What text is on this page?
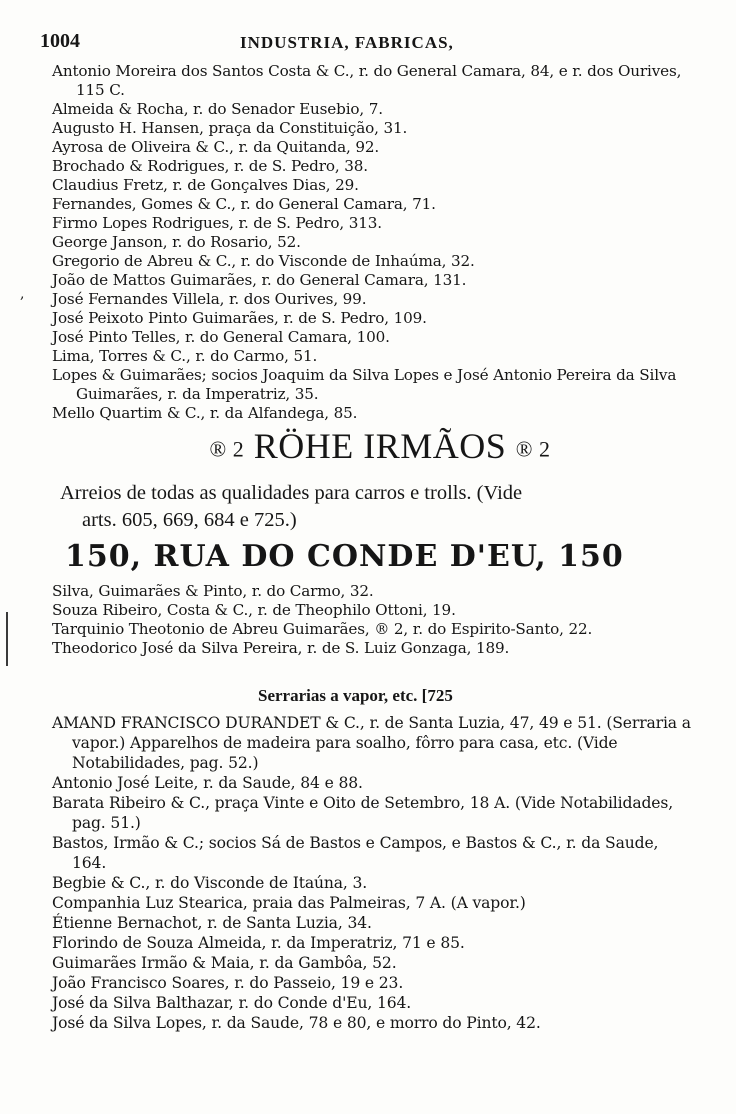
1004	INDUSTRIA, FABRICAS,
Antonio Moreira dos Santos Costa & C., r. do General Camara, 84, e r. dos Ourives, 115 C.
Almeida & Rocha, r. do Senador Eusebio, 7.
Augusto H. Hansen, praça da Constituição, 31.
Ayrosa de Oliveira & C., r. da Quitanda, 92.
Brochado & Rodrigues, r. de S. Pedro, 38.
Claudius Fretz, r. de Gonçalves Dias, 29.
Fernandes, Gomes & C., r. do General Camara, 71.
Firmo Lopes Rodrigues, r. de S. Pedro, 313.
George Janson, r. do Rosario, 52.
Gregorio de Abreu & C., r. do Visconde de Inhaúma, 32.
João de Mattos Guimarães, r. do General Camara, 131.
José Fernandes Villela, r. dos Ourives, 99.
José Peixoto Pinto Guimarães, r. de S. Pedro, 109.
José Pinto Telles, r. do General Camara, 100.
Lima, Torres & C., r. do Carmo, 51.
Lopes & Guimarães; socios Joaquim da Silva Lopes e José Antonio Pereira da Silva Guimarães, r. da Imperatriz, 35.
Mello Quartim & C., r. da Alfandega, 85.
,
® 2 RÖHE IRMÃOS ® 2
Arreios de todas as qualidades para carros e trolls. (Vide
arts. 605, 669, 684 e 725.)
150, RUA DO CONDE D'EU, 150
Silva, Guimarães & Pinto, r. do Carmo, 32.
Souza Ribeiro, Costa & C., r. de Theophilo Ottoni, 19.
Tarquinio Theotonio de Abreu Guimarães, ® 2, r. do Espirito-Santo, 22.
Theodorico José da Silva Pereira, r. de S. Luiz Gonzaga, 189.
Serrarias a vapor, etc. [725
AMAND FRANCISCO DURANDET & C., r. de Santa Luzia, 47, 49 e 51. (Serraria a vapor.) Apparelhos de madeira para soalho, fôrro para casa, etc. (Vide Notabilidades, pag. 52.)
Antonio José Leite, r. da Saude, 84 e 88.
Barata Ribeiro & C., praça Vinte e Oito de Setembro, 18 A. (Vide Notabilidades, pag. 51.)
Bastos, Irmão & C.; socios Sá de Bastos e Campos, e Bastos & C., r. da Saude, 164.
Begbie & C., r. do Visconde de Itaúna, 3.
Companhia Luz Stearica, praia das Palmeiras, 7 A. (A vapor.)
Étienne Bernachot, r. de Santa Luzia, 34.
Florindo de Souza Almeida, r. da Imperatriz, 71 e 85.
Guimarães Irmão & Maia, r. da Gambôa, 52.
João Francisco Soares, r. do Passeio, 19 e 23.
José da Silva Balthazar, r. do Conde d'Eu, 164.
José da Silva Lopes, r. da Saude, 78 e 80, e morro do Pinto, 42.
